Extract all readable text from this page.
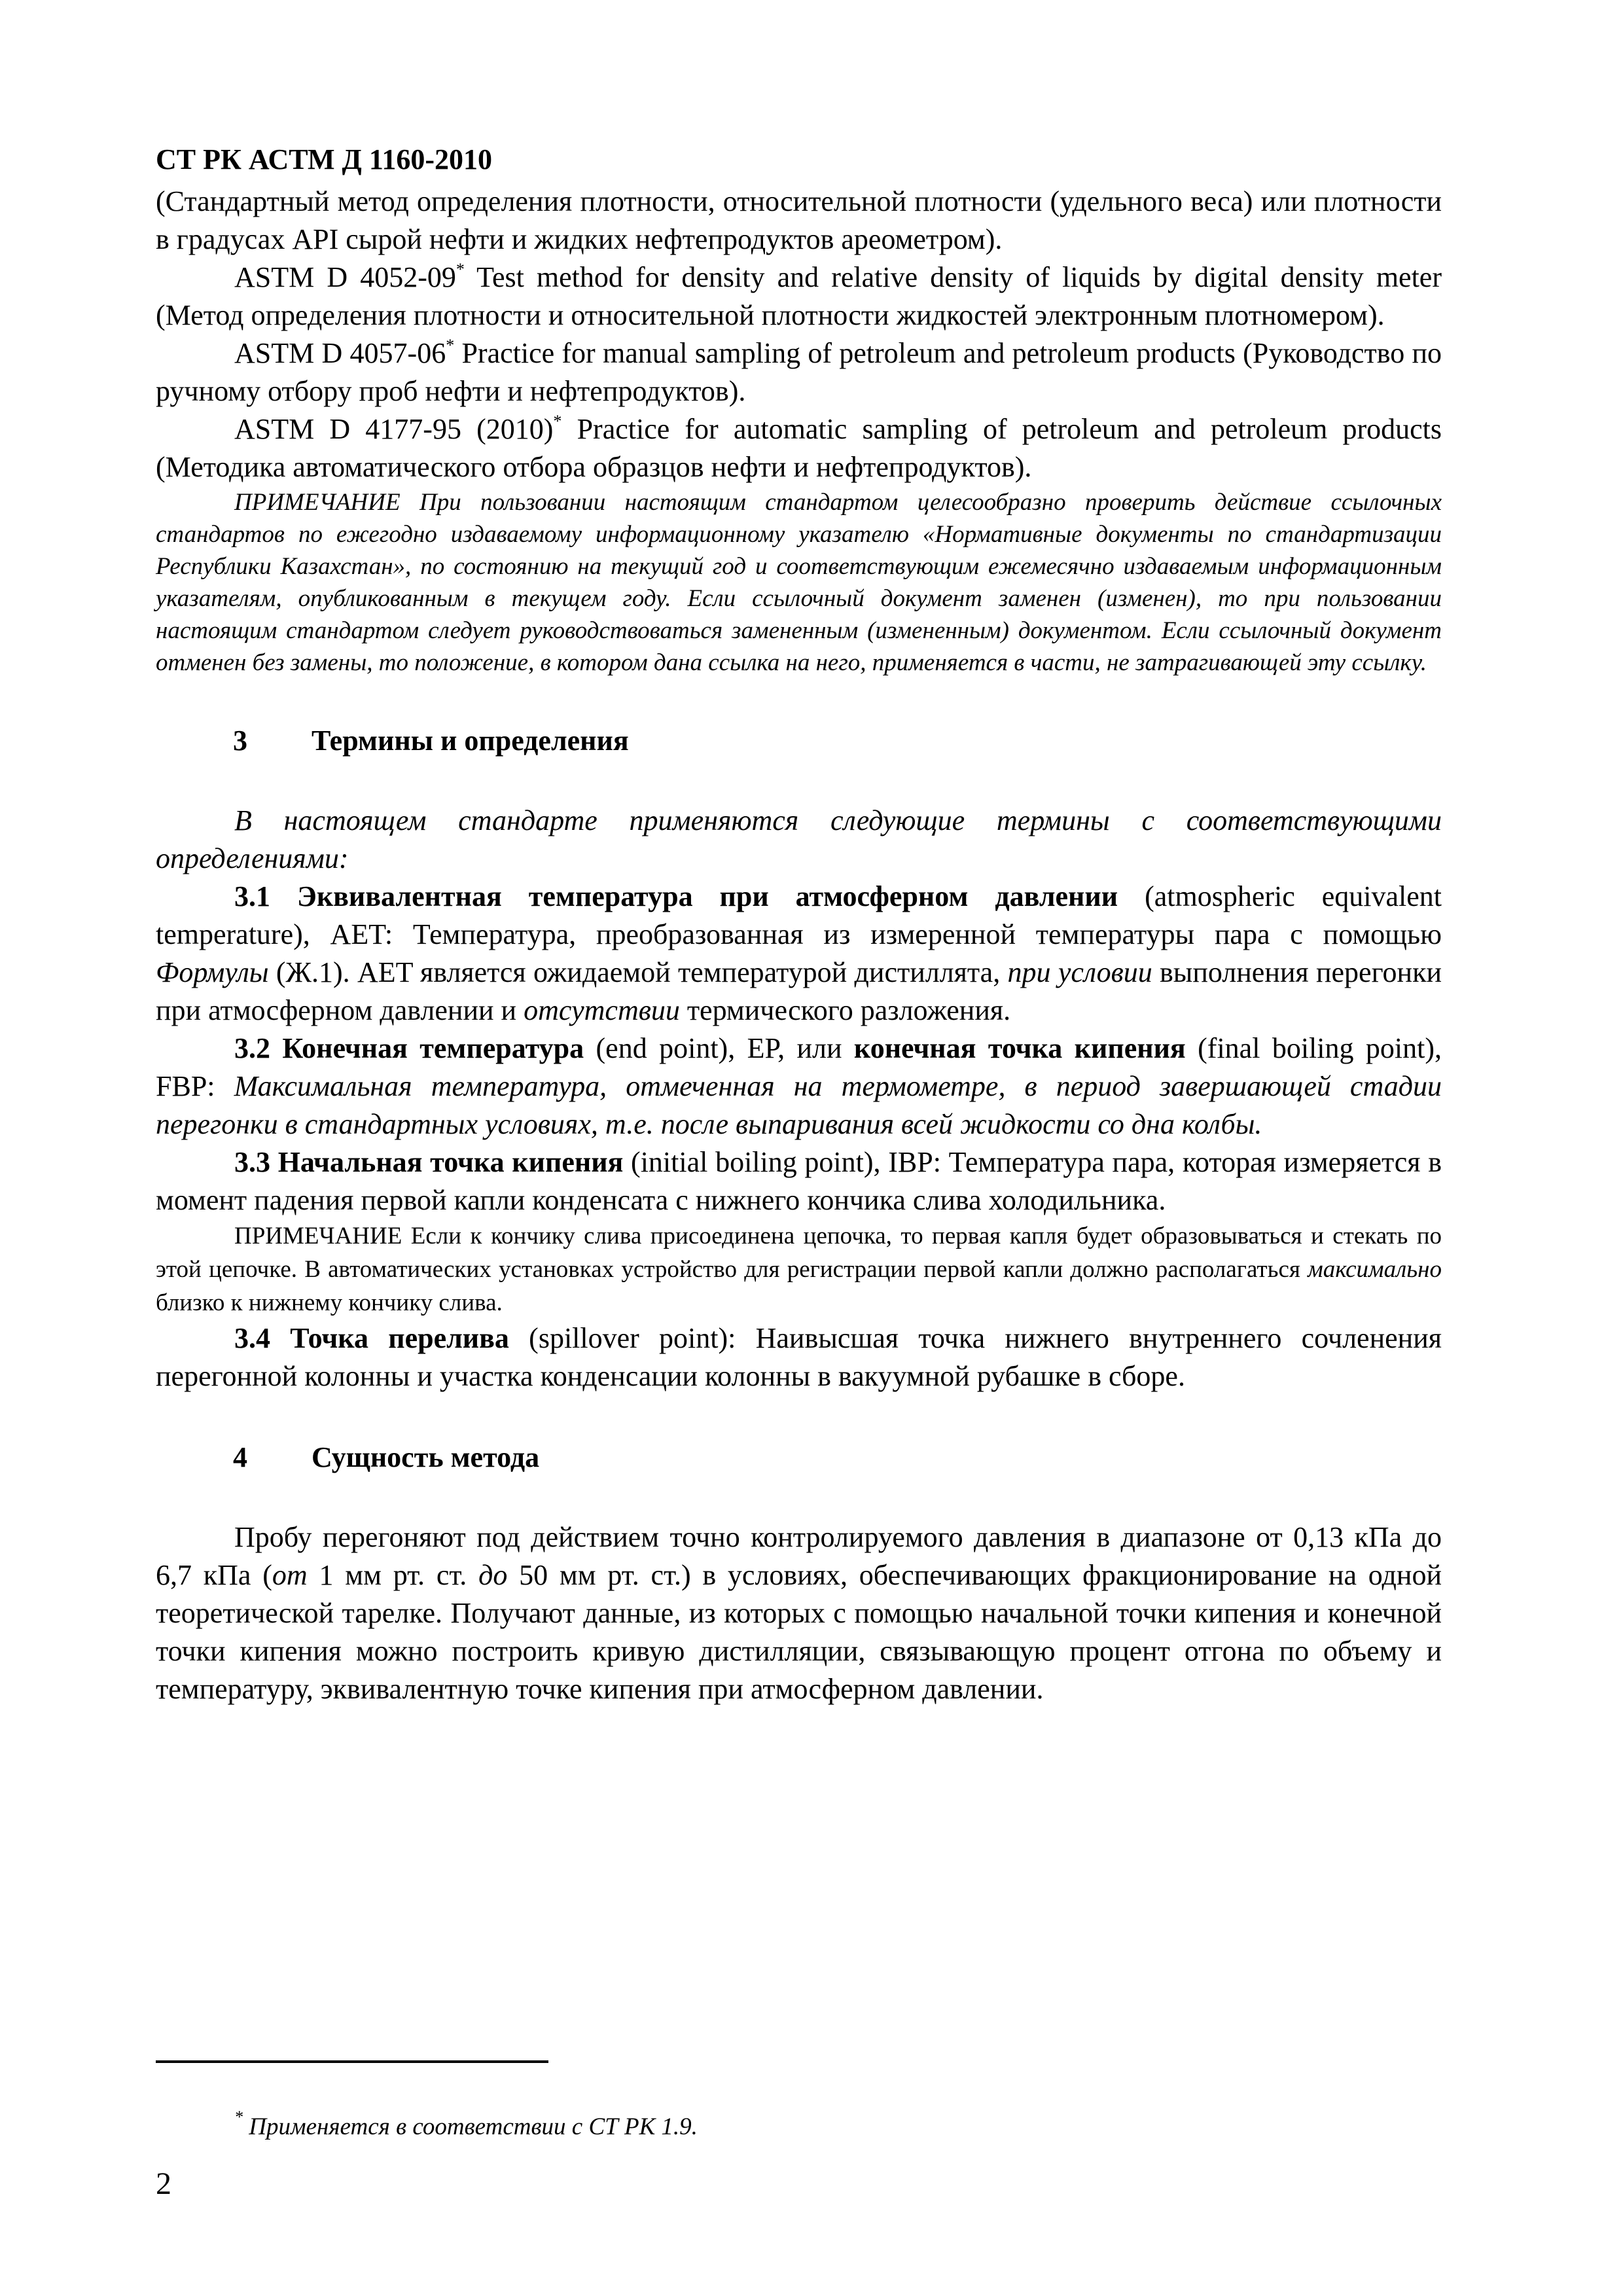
СТ РК АСТМ Д 1160-2010

(Стандартный метод определения плотности, относительной плотности (удельного веса) или плотности в градусах API сырой нефти и жидких нефтепродуктов ареометром).

ASTM D 4052-09* Test method for density and relative density of liquids by digital density meter (Метод определения плотности и относительной плотности жидкостей электронным плотномером).

ASTM D 4057-06* Practice for manual sampling of petroleum and petroleum products (Руководство по ручному отбору проб нефти и нефтепродуктов).

ASTM D 4177-95 (2010)* Practice for automatic sampling of petroleum and petroleum products (Методика автоматического отбора образцов нефти и нефтепродуктов).

ПРИМЕЧАНИЕ При пользовании настоящим стандартом целесообразно проверить действие ссылочных стандартов по ежегодно издаваемому информационному указателю «Нормативные документы по стандартизации Республики Казахстан», по состоянию на текущий год и соответствующим ежемесячно издаваемым информационным указателям, опубликованным в текущем году. Если ссылочный документ заменен (изменен), то при пользовании настоящим стандартом следует руководствоваться замененным (измененным) документом. Если ссылочный документ отменен без замены, то положение, в котором дана ссылка на него, применяется в части, не затрагивающей эту ссылку.

3	Термины и определения

В настоящем стандарте применяются следующие термины с соответствующими определениями:

3.1 Эквивалентная температура при атмосферном давлении (atmospheric equivalent temperature), AET: Температура, преобразованная из измеренной температуры пара с помощью Формулы (Ж.1). AET является ожидаемой температурой дистиллята, при условии выполнения перегонки при атмосферном давлении и отсутствии термического разложения.

3.2 Конечная температура (end point), EP, или конечная точка кипения (final boiling point), FBP: Максимальная температура, отмеченная на термометре, в период завершающей стадии перегонки в стандартных условиях, т.е. после выпаривания всей жидкости со дна колбы.

3.3 Начальная точка кипения (initial boiling point), IBP: Температура пара, которая измеряется в момент падения первой капли конденсата с нижнего кончика слива холодильника.

ПРИМЕЧАНИЕ Если к кончику слива присоединена цепочка, то первая капля будет образовываться и стекать по этой цепочке. В автоматических установках устройство для регистрации первой капли должно располагаться максимально близко к нижнему кончику слива.

3.4 Точка перелива (spillover point): Наивысшая точка нижнего внутреннего сочленения перегонной колонны и участка конденсации колонны в вакуумной рубашке в сборе.

4	Сущность метода

Пробу перегоняют под действием точно контролируемого давления в диапазоне от 0,13 кПа до 6,7 кПа (от 1 мм рт. ст. до 50 мм рт. ст.) в условиях, обеспечивающих фракционирование на одной теоретической тарелке. Получают данные, из которых с помощью начальной точки кипения и конечной точки кипения можно построить кривую дистилляции, связывающую процент отгона по объему и температуру, эквивалентную точке кипения при атмосферном давлении.

* Применяется в соответствии с СТ РК 1.9.

2
